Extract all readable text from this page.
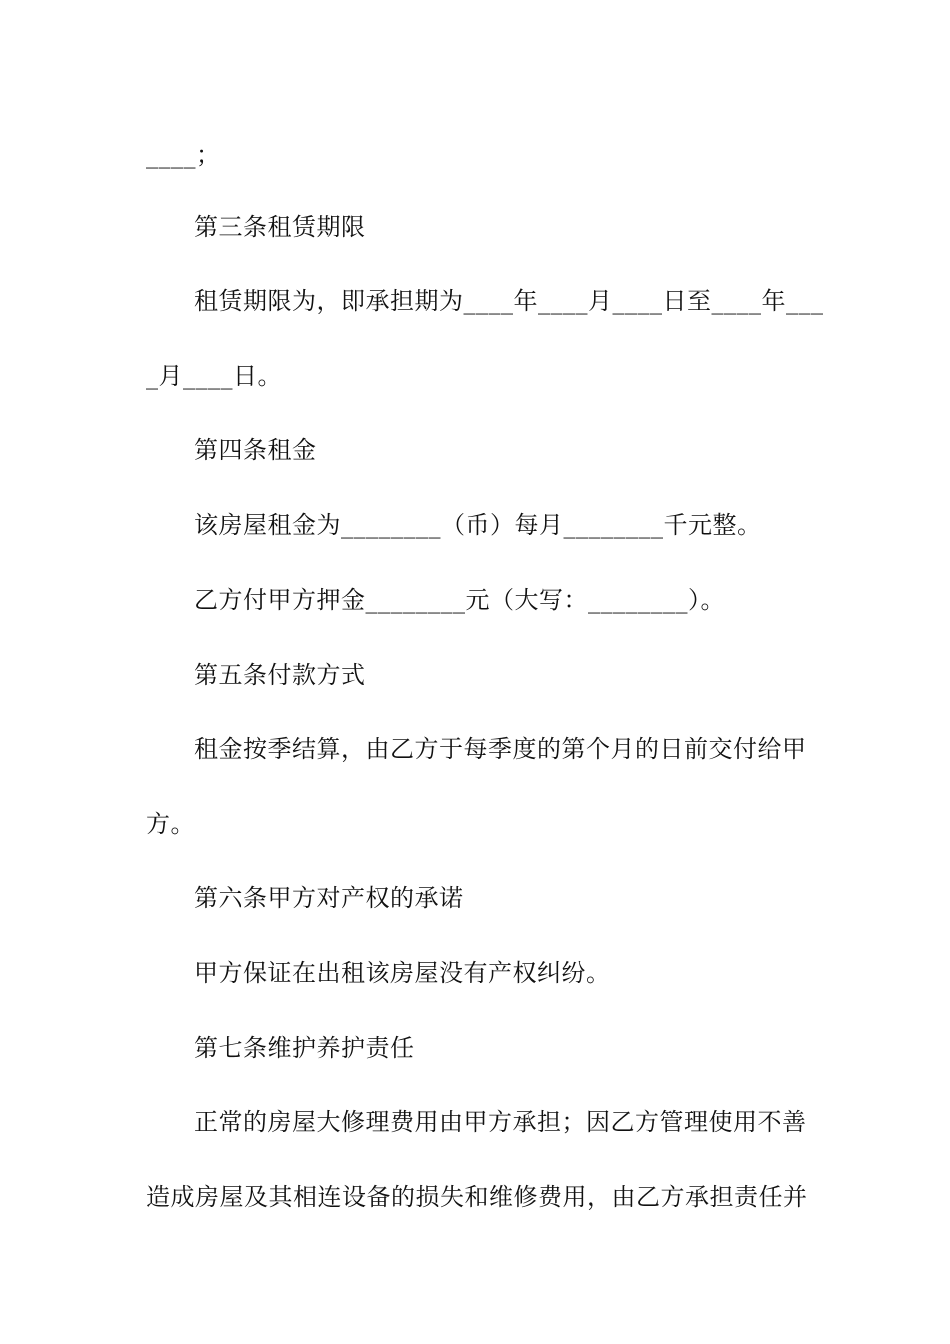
____；
第三条租赁期限
租赁期限为，即承担期为____年____月____日至____年___
_月____日。
第四条租金
该房屋租金为________（币）每月________千元整。
乙方付甲方押金________元（大写：________）。
第五条付款方式
租金按季结算，由乙方于每季度的第个月的日前交付给甲
方。
第六条甲方对产权的承诺
甲方保证在出租该房屋没有产权纠纷。
第七条维护养护责任
正常的房屋大修理费用由甲方承担；因乙方管理使用不善
造成房屋及其相连设备的损失和维修费用，由乙方承担责任并
